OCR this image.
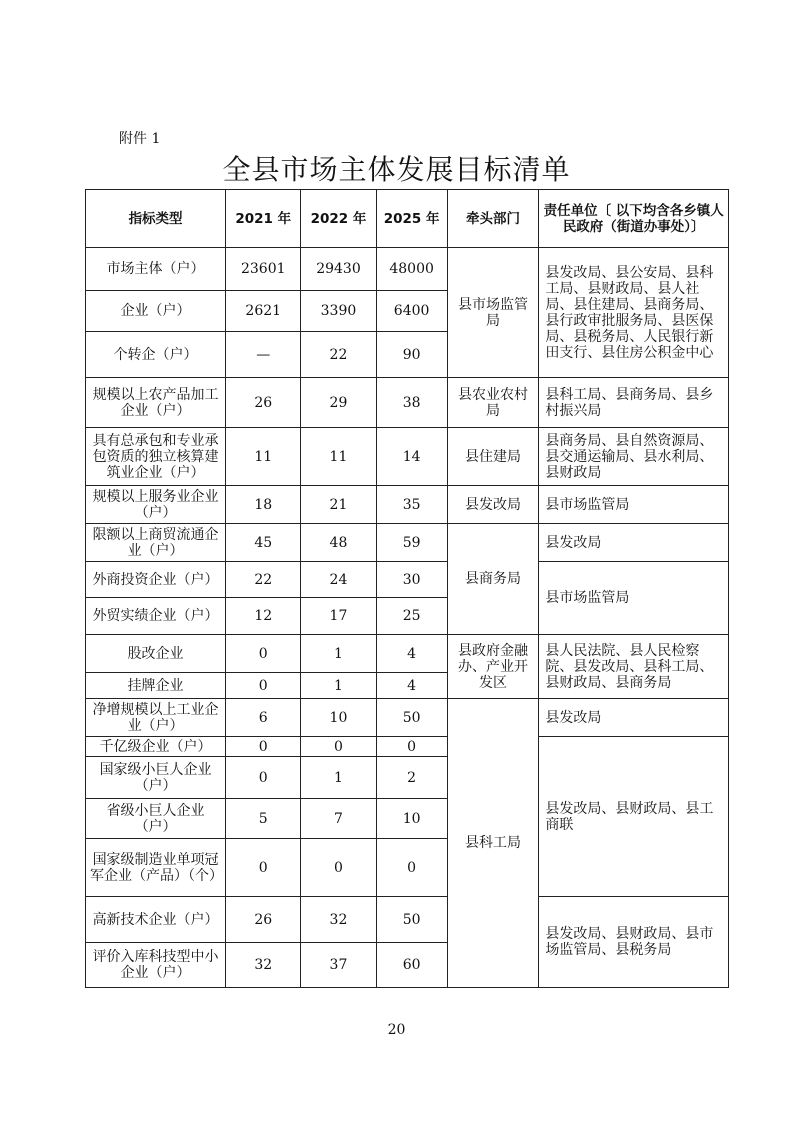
附件 1
全县市场主体发展目标清单
指标类型	2021 年	2022 年	2025 年	牵头部门	责任单位〔 以下均含各乡镇人民政府（街道办事处）〕
市场主体（户）	23601	29430	48000	县市场监管局	县发改局、县公安局、县科工局、县财政局、县人社局、县住建局、县商务局、县行政审批服务局、县医保局、县税务局、人民银行新田支行、县住房公积金中心
企业（户）	2621	3390	6400		
个转企（户）	—	22	90		
规模以上农产品加工企业（户）	26	29	38	县农业农村局	县科工局、县商务局、县乡村振兴局
具有总承包和专业承包资质的独立核算建筑业企业（户）	11	11	14	县住建局	县商务局、县自然资源局、县交通运输局、县水利局、县财政局
规模以上服务业企业（户）	18	21	35	县发改局	县市场监管局
限额以上商贸流通企业（户）	45	48	59	县商务局	县发改局
外商投资企业（户）	22	24	30		县市场监管局
外贸实绩企业（户）	12	17	25		
股改企业	0	1	4	县政府金融办、产业开发区	县人民法院、县人民检察院、县发改局、县科工局、县财政局、县商务局
挂牌企业	0	1	4		
净增规模以上工业企业（户）	6	10	50	县科工局	县发改局
千亿级企业（户）	0	0	0		县发改局、县财政局、县工商联
国家级小巨人企业（户）	0	1	2		
省级小巨人企业（户）	5	7	10		
国家级制造业单项冠军企业（产品）（个）	0	0	0		
高新技术企业（户）	26	32	50		县发改局、县财政局、县市场监管局、县税务局
评价入库科技型中小企业（户）	32	37	60		
20
